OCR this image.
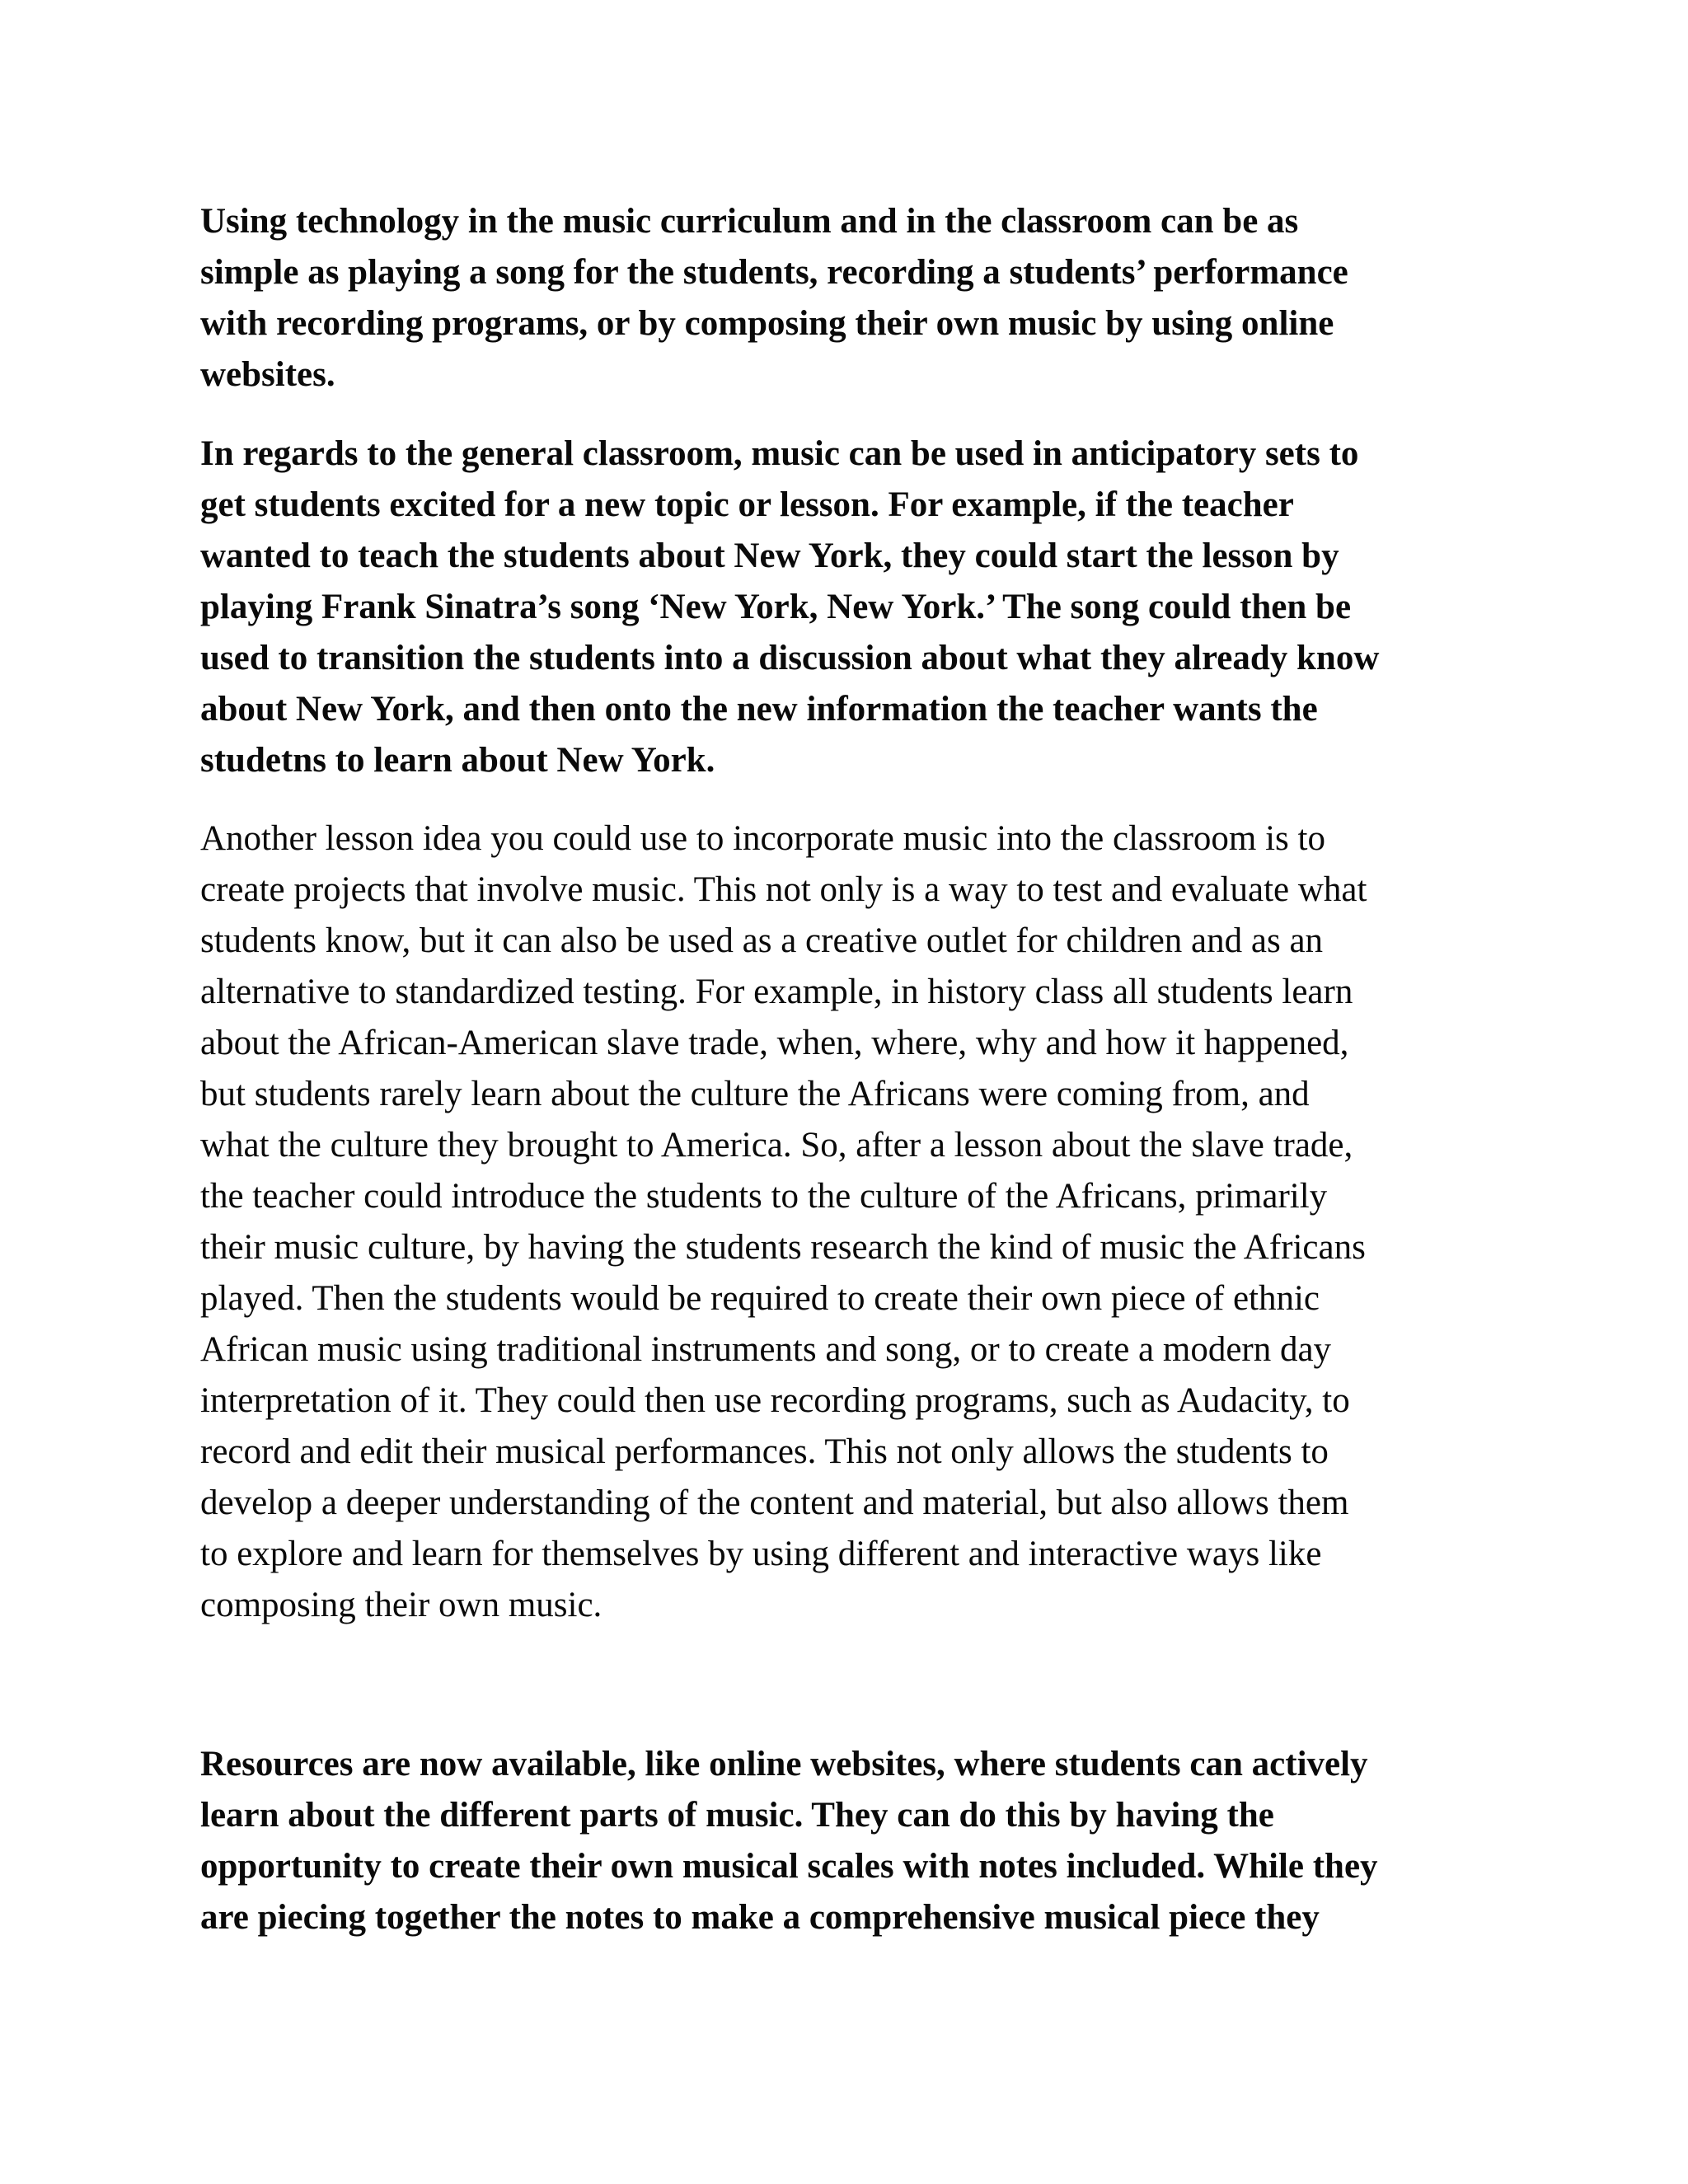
Using technology in the music curriculum and in the classroom can be as
simple as playing a song for the students, recording a students’ performance
with recording programs, or by composing their own music by using online
websites.

In regards to the general classroom, music can be used in anticipatory sets to
get students excited for a new topic or lesson. For example, if the teacher
wanted to teach the students about New York, they could start the lesson by
playing Frank Sinatra’s song ‘New York, New York.’ The song could then be
used to transition the students into a discussion about what they already know
about New York, and then onto the new information the teacher wants the
studetns to learn about New York.

Another lesson idea you could use to incorporate music into the classroom is to
create projects that involve music. This not only is a way to test and evaluate what
students know, but it can also be used as a creative outlet for children and as an
alternative to standardized testing. For example, in history class all students learn
about the African-American slave trade, when, where, why and how it happened,
but students rarely learn about the culture the Africans were coming from, and
what the culture they brought to America. So, after a lesson about the slave trade,
the teacher could introduce the students to the culture of the Africans, primarily
their music culture, by having the students research the kind of music the Africans
played. Then the students would be required to create their own piece of ethnic
African music using traditional instruments and song, or to create a modern day
interpretation of it. They could then use recording programs, such as Audacity, to
record and edit their musical performances. This not only allows the students to
develop a deeper understanding of the content and material, but also allows them
to explore and learn for themselves by using different and interactive ways like
composing their own music.

Resources are now available, like online websites, where students can actively
learn about the different parts of music. They can do this by having the
opportunity to create their own musical scales with notes included. While they
are piecing together the notes to make a comprehensive musical piece they
